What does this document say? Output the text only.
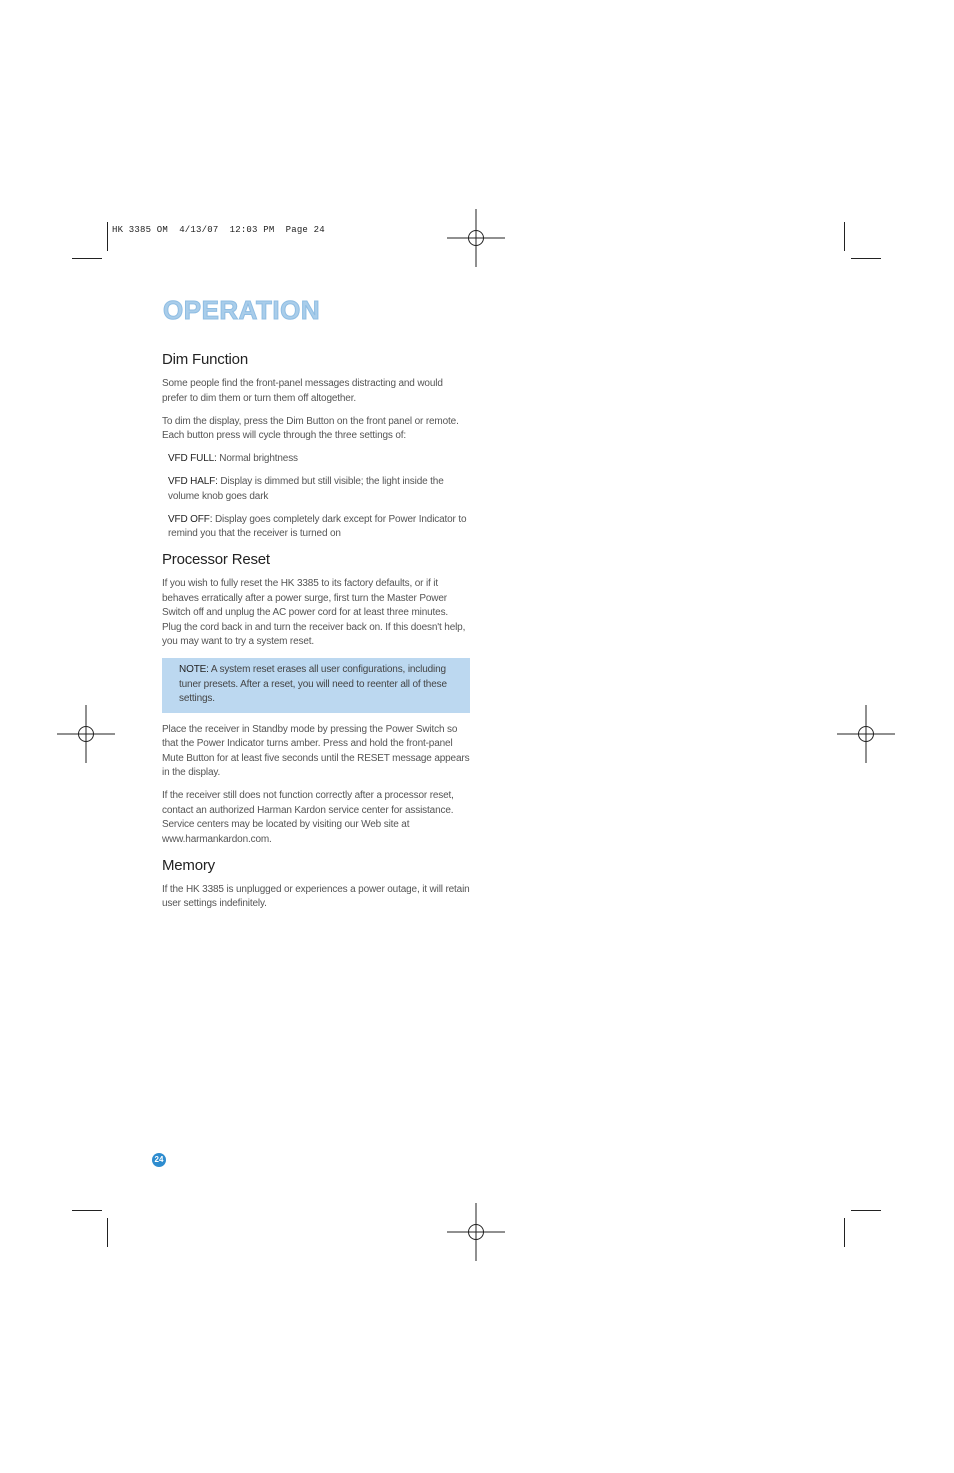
HK 3385 OM  4/13/07  12:03 PM  Page 24
OPERATION
Dim Function

Some people find the front-panel messages distracting and would prefer to dim them or turn them off altogether.

To dim the display, press the Dim Button on the front panel or remote. Each button press will cycle through the three settings of:

VFD FULL: Normal brightness

VFD HALF: Display is dimmed but still visible; the light inside the volume knob goes dark

VFD OFF: Display goes completely dark except for Power Indicator to remind you that the receiver is turned on

Processor Reset

If you wish to fully reset the HK 3385 to its factory defaults, or if it behaves erratically after a power surge, first turn the Master Power Switch off and unplug the AC power cord for at least three minutes. Plug the cord back in and turn the receiver back on. If this doesn't help, you may want to try a system reset.

NOTE: A system reset erases all user configurations, including tuner presets. After a reset, you will need to reenter all of these settings.

Place the receiver in Standby mode by pressing the Power Switch so that the Power Indicator turns amber. Press and hold the front-panel Mute Button for at least five seconds until the RESET message appears in the display.

If the receiver still does not function correctly after a processor reset, contact an authorized Harman Kardon service center for assistance. Service centers may be located by visiting our Web site at www.harmankardon.com.

Memory

If the HK 3385 is unplugged or experiences a power outage, it will retain user settings indefinitely.

24
